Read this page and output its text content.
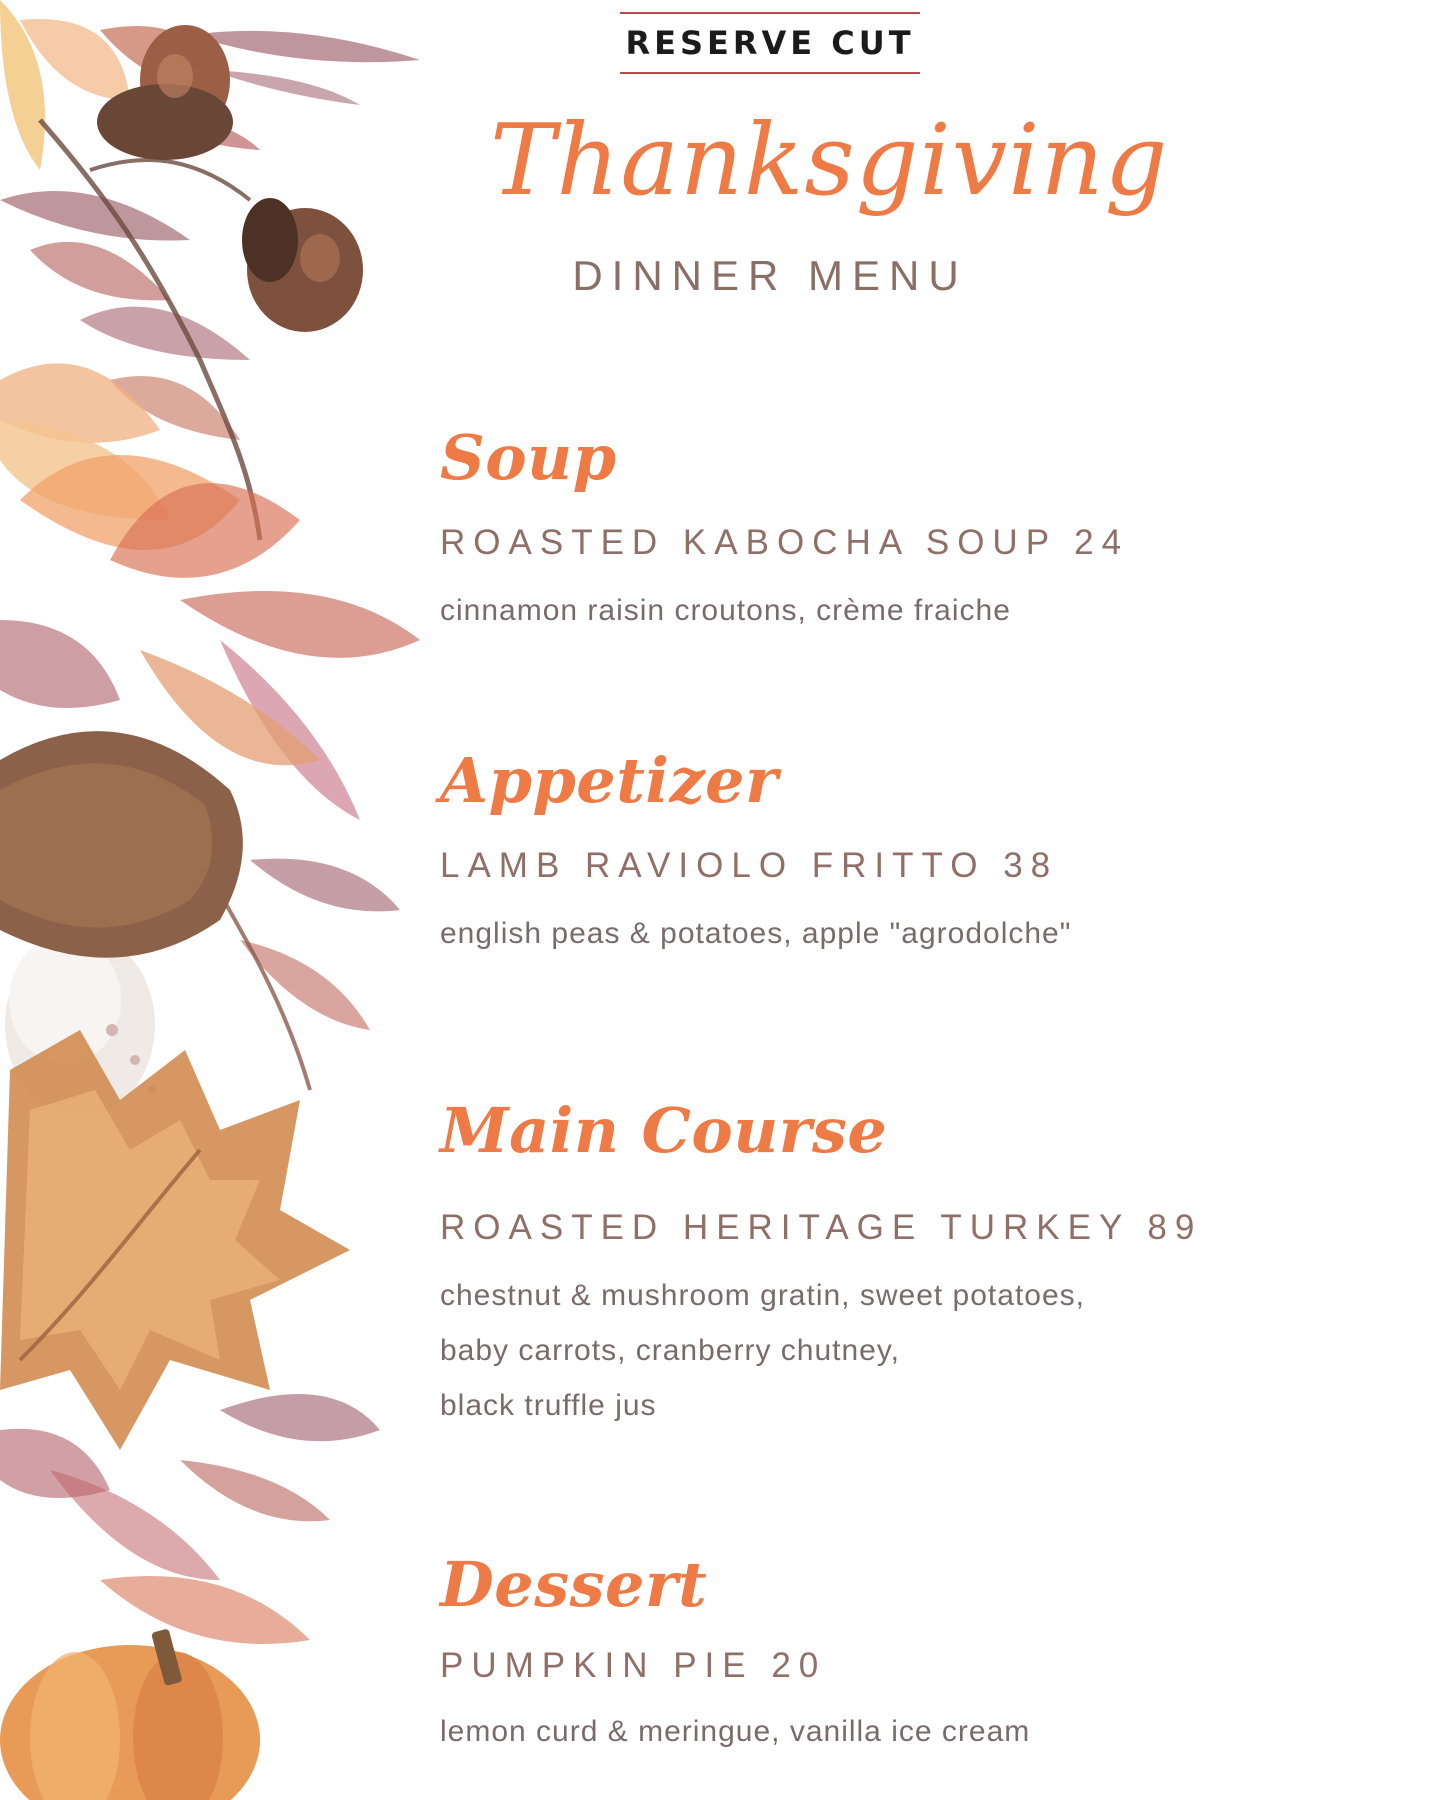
RESERVE CUT
Thanksgiving
DINNER MENU
Soup

ROASTED KABOCHA SOUP 24

cinnamon raisin croutons, crème fraiche

Appetizer

LAMB RAVIOLO FRITTO 38

english peas & potatoes, apple "agrodolche"

Main Course

ROASTED HERITAGE TURKEY 89

chestnut & mushroom gratin, sweet potatoes,

baby carrots, cranberry chutney,

black truffle jus

Dessert

PUMPKIN PIE 20

lemon curd & meringue, vanilla ice cream
